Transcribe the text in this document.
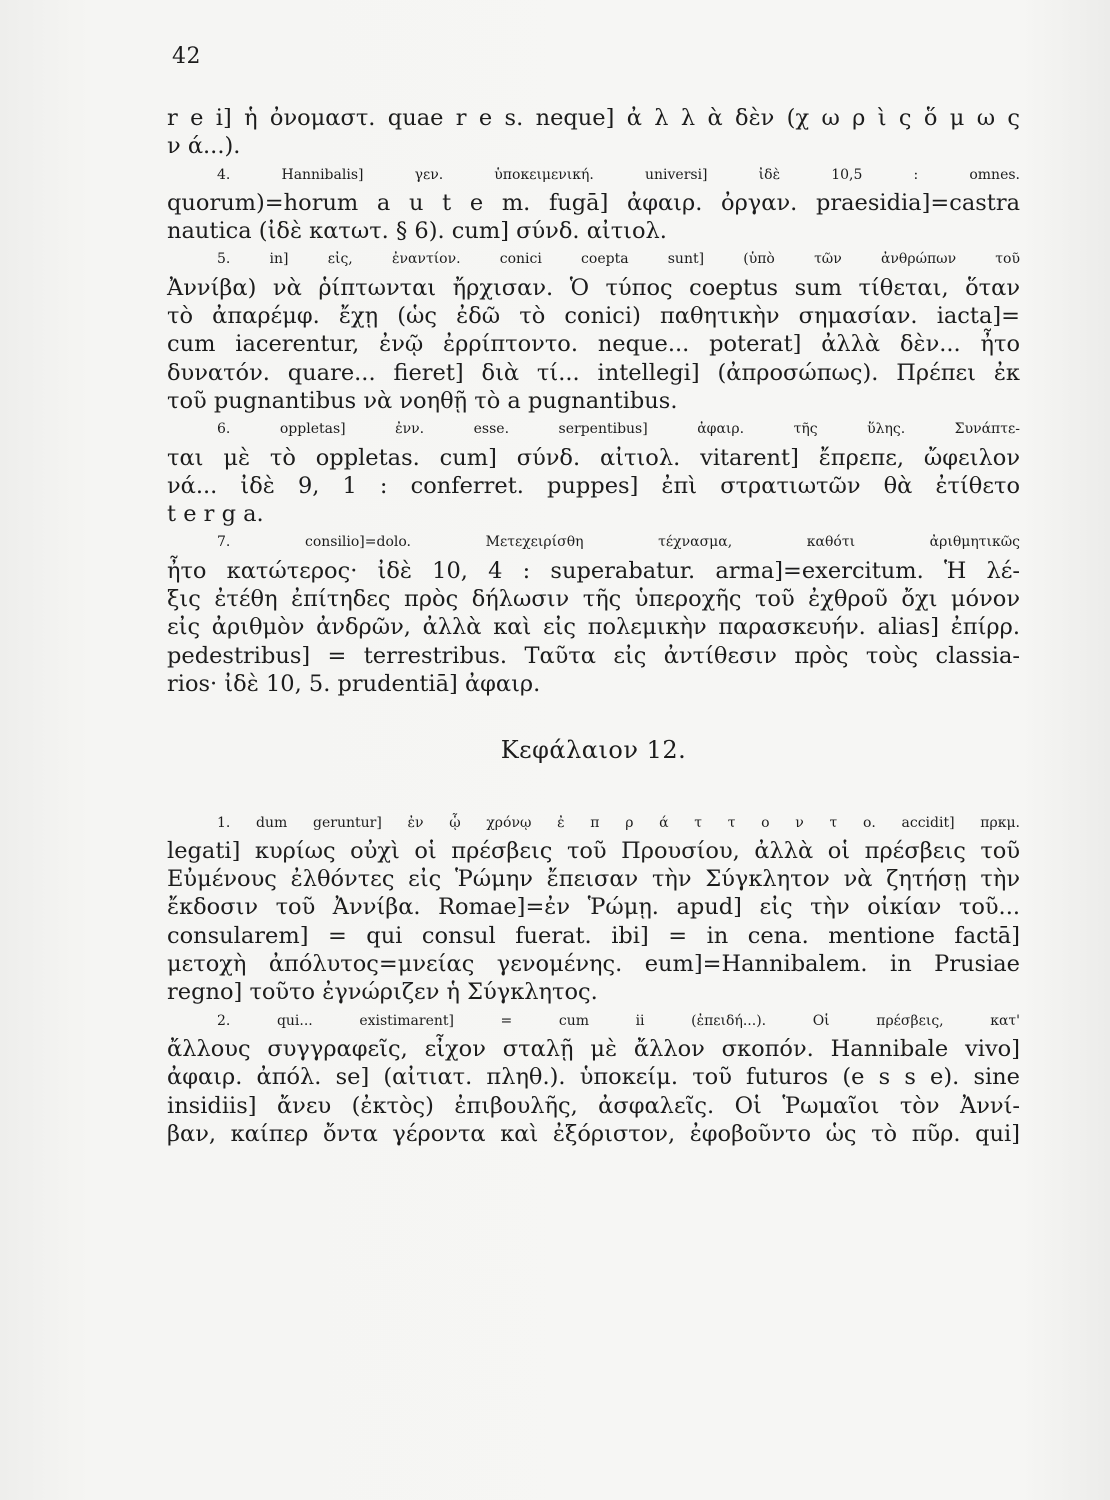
42
r e i] ἡ ὀνομαστ. quae r e s. neque] ἀ λ λ ὰ δὲν (χ ω ρ ὶ ς ὅ μ ω ς
ν ά...).
4. Hannibalis] γεν. ὑποκειμενική. universi] ἰδὲ 10,5 : omnes.
quorum)=horum a u t e m. fugā] ἀφαιρ. ὀργαν. praesidia]=castra
nautica (ἰδὲ κατωτ. § 6). cum] σύνδ. αἰτιολ.
5. in] εἰς, ἐναντίον. conici coepta sunt] (ὑπὸ τῶν ἀνθρώπων τοῦ
Ἀννίβα) νὰ ῥίπτωνται ἤρχισαν. Ὁ τύπος coeptus sum τίθεται, ὅταν
τὸ ἀπαρέμφ. ἔχῃ (ὡς ἐδῶ τὸ conici) παθητικὴν σημασίαν. iacta]=
cum iacerentur, ἐνῷ ἐρρίπτοντο. neque... poterat] ἀλλὰ δὲν... ἦτο
δυνατόν. quare... fieret] διὰ τί... intellegi] (ἀπροσώπως). Πρέπει ἐκ
τοῦ pugnantibus νὰ νοηθῇ τὸ a pugnantibus.
6. oppletas] ἐνν. esse. serpentibus] ἀφαιρ. τῆς ὕλης. Συνάπτε-
ται μὲ τὸ oppletas. cum] σύνδ. αἰτιολ. vitarent] ἔπρεπε, ὤφειλον
νά... ἰδὲ 9, 1 : conferret. puppes] ἐπὶ στρατιωτῶν θὰ ἐτίθετο
t e r g a.
7. consilio]=dolo. Μετεχειρίσθη τέχνασμα, καθότι ἀριθμητικῶς
ἦτο κατώτερος· ἰδὲ 10, 4 : superabatur. arma]=exercitum. Ἡ λέ-
ξις ἐτέθη ἐπίτηδες πρὸς δήλωσιν τῆς ὑπεροχῆς τοῦ ἐχθροῦ ὄχι μόνον
εἰς ἀριθμὸν ἀνδρῶν, ἀλλὰ καὶ εἰς πολεμικὴν παρασκευήν. alias] ἐπίρρ.
pedestribus] = terrestribus. Ταῦτα εἰς ἀντίθεσιν πρὸς τοὺς classia-
rios· ἰδὲ 10, 5. prudentiā] ἀφαιρ.
Κεφάλαιον 12.
1. dum geruntur] ἐν ᾧ χρόνῳ ἐ π ρ ά τ τ ο ν τ ο. accidit] πρκμ.
legati] κυρίως οὐχὶ οἱ πρέσβεις τοῦ Προυσίου, ἀλλὰ οἱ πρέσβεις τοῦ
Εὐμένους ἐλθόντες εἰς Ῥώμην ἔπεισαν τὴν Σύγκλητον νὰ ζητήσῃ τὴν
ἔκδοσιν τοῦ Ἀννίβα. Romae]=ἐν Ῥώμῃ. apud] εἰς τὴν οἰκίαν τοῦ...
consularem] = qui consul fuerat. ibi] = in cena. mentione factā]
μετοχὴ ἀπόλυτος=μνείας γενομένης. eum]=Hannibalem. in Prusiae
regno] τοῦτο ἐγνώριζεν ἡ Σύγκλητος.
2. qui... existimarent] = cum ii (ἐπειδή...). Οἱ πρέσβεις, κατ'
ἄλλους συγγραφεῖς, εἶχον σταλῇ μὲ ἄλλον σκοπόν. Hannibale vivo]
ἀφαιρ. ἀπόλ. se] (αἰτιατ. πληθ.). ὑποκείμ. τοῦ futuros (e s s e). sine
insidiis] ἄνευ (ἐκτὸς) ἐπιβουλῆς, ἀσφαλεῖς. Οἱ Ῥωμαῖοι τὸν Ἀννί-
βαν, καίπερ ὄντα γέροντα καὶ ἐξόριστον, ἐφοβοῦντο ὡς τὸ πῦρ. qui]
